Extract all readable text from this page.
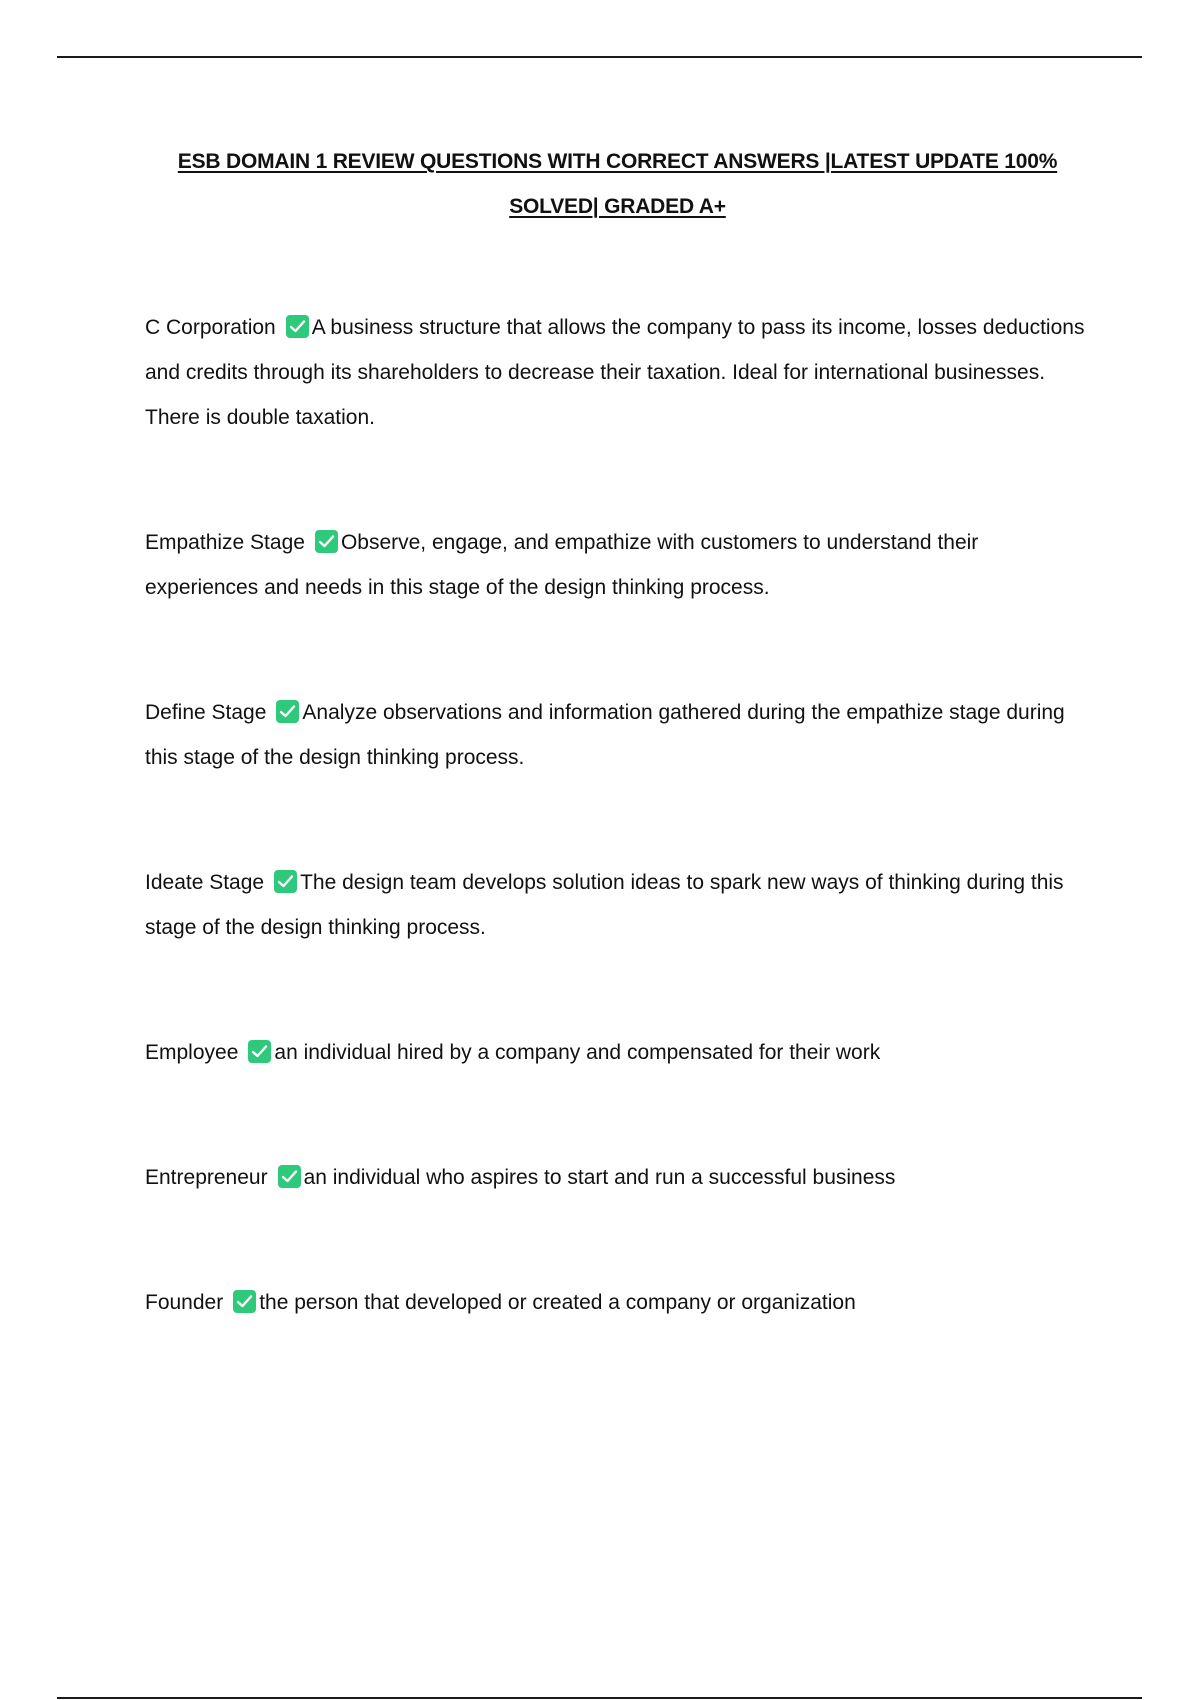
ESB DOMAIN 1 REVIEW QUESTIONS WITH CORRECT ANSWERS |LATEST UPDATE 100% SOLVED| GRADED A+
C Corporation A business structure that allows the company to pass its income, losses deductions and credits through its shareholders to decrease their taxation. Ideal for international businesses. There is double taxation.
Empathize Stage Observe, engage, and empathize with customers to understand their experiences and needs in this stage of the design thinking process.
Define Stage Analyze observations and information gathered during the empathize stage during this stage of the design thinking process.
Ideate Stage The design team develops solution ideas to spark new ways of thinking during this stage of the design thinking process.
Employee an individual hired by a company and compensated for their work
Entrepreneur an individual who aspires to start and run a successful business
Founder the person that developed or created a company or organization
